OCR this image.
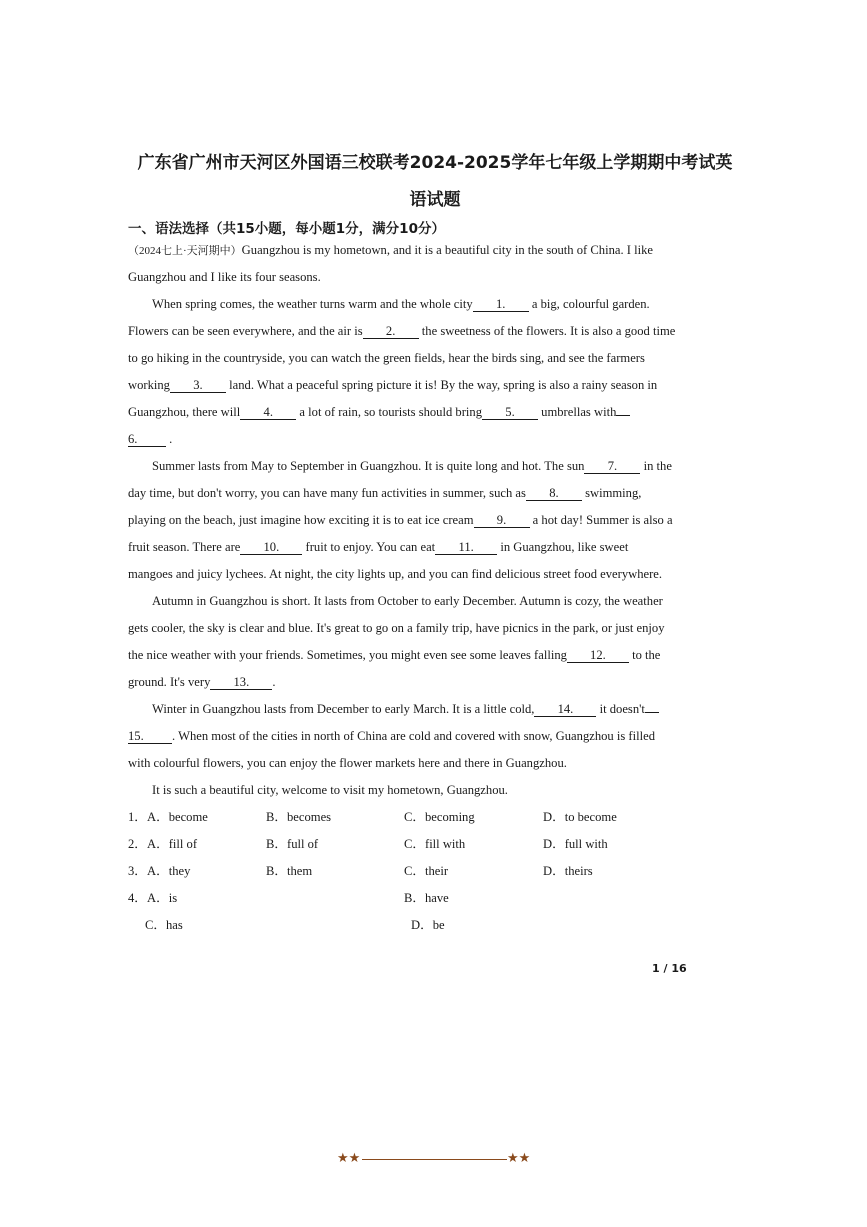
广东省广州市天河区外国语三校联考2024-2025学年七年级上学期期中考试英
语试题
一、语法选择（共15小题，每小题1分，满分10分）
（2024七上·天河期中）Guangzhou is my hometown, and it is a beautiful city in the south of China. I like
Guangzhou and I like its four seasons.
When spring comes, the weather turns warm and the whole city 1. a big, colourful garden.
Flowers can be seen everywhere, and the air is 2. the sweetness of the flowers. It is also a good time
to go hiking in the countryside, you can watch the green fields, hear the birds sing, and see the farmers
working 3. land. What a peaceful spring picture it is! By the way, spring is also a rainy season in
Guangzhou, there will 4. a lot of rain, so tourists should bring 5. umbrellas with
6. .
Summer lasts from May to September in Guangzhou. It is quite long and hot. The sun 7. in the
day time, but don't worry, you can have many fun activities in summer, such as 8. swimming,
playing on the beach, just imagine how exciting it is to eat ice cream 9. a hot day! Summer is also a
fruit season. There are 10. fruit to enjoy. You can eat 11. in Guangzhou, like sweet
mangoes and juicy lychees. At night, the city lights up, and you can find delicious street food everywhere.
Autumn in Guangzhou is short. It lasts from October to early December. Autumn is cozy, the weather
gets cooler, the sky is clear and blue. It's great to go on a family trip, have picnics in the park, or just enjoy
the nice weather with your friends. Sometimes, you might even see some leaves falling 12. to the
ground. It's very 13. .
Winter in Guangzhou lasts from December to early March. It is a little cold, 14. it doesn't
15. . When most of the cities in north of China are cold and covered with snow, Guangzhou is filled
with colourful flowers, you can enjoy the flower markets here and there in Guangzhou.
It is such a beautiful city, welcome to visit my hometown, Guangzhou.
1． A．become	B．becomes	C．becoming	D．to become
2． A．fill of	B．full of	C．fill with	D．full with
3． A．they	B．them	C．their	D．theirs
4． A．is	B．have
C．has	D．be
1 / 16
★★	★★
